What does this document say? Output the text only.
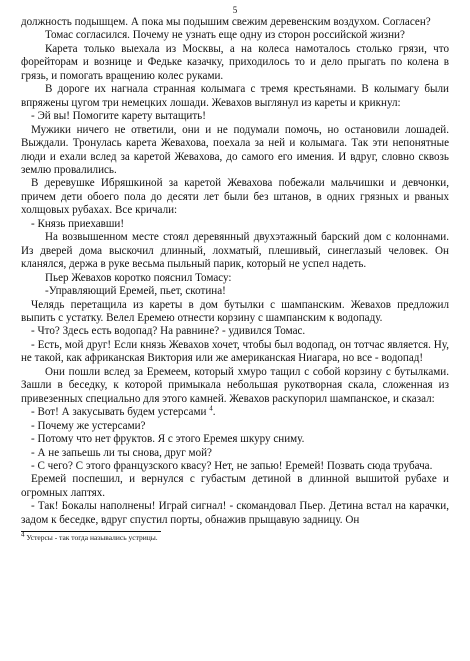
5

должность подышцем. А пока мы подышим свежим деревенским воздухом. Согласен?

Томас согласился. Почему не узнать еще одну из сторон российской жизни?

Карета только выехала из Москвы, а на колеса намоталось столько грязи, что форейторам и вознице и Федьке казачку, приходилось то и дело прыгать по колена в грязь, и помогать вращению колес руками.

В дороге их нагнала странная колымага с тремя крестьянами. В колымагу были впряжены цугом три немецких лошади. Жевахов выглянул из кареты и крикнул:

- Эй вы! Помогите карету вытащить!

Мужики ничего не ответили, они и не подумали помочь, но остановили лошадей. Выждали. Тронулась карета Жевахова, поехала за ней и колымага. Так эти непонятные люди и ехали вслед за каретой Жевахова, до самого его имения. И вдруг, словно сквозь землю провалились.

В деревушке Ибряшкиной за каретой Жевахова побежали мальчишки и девчонки, причем дети обоего пола до десяти лет были без штанов, в одних грязных и рваных холщовых рубахах. Все кричали:

- Князь приехавши!

На возвышенном месте стоял деревянный двухэтажный барский дом с колоннами. Из дверей дома выскочил длинный, лохматый, плешивый, синеглазый человек. Он кланялся, держа в руке весьма пыльный парик, который не успел надеть.

Пьер Жевахов коротко пояснил Томасу:

-Управляющий Еремей, пьет, скотина!

Челядь перетащила из кареты в дом бутылки с шампанским. Жевахов предложил выпить с устатку. Велел Еремею отнести корзину с шампанским к водопаду.

- Что? Здесь есть водопад? На равнине? - удивился Томас.

- Есть, мой друг! Если князь Жевахов хочет, чтобы был водопад, он тотчас является. Ну, не такой, как африканская Виктория или же американская Ниагара, но все - водопад!

Они пошли вслед за Еремеем, который хмуро тащил с собой корзину с бутылками. Зашли в беседку, к которой примыкала небольшая рукотворная скала, сложенная из привезенных специально для этого камней. Жевахов раскупорил шампанское, и сказал:

- Вот! А закусывать будем устерсами $^4$.

- Почему же устерсами?

- Потому что нет фруктов. Я с этого Еремея шкуру сниму.

- А не запьешь ли ты снова, друг мой?

- С чего? С этого французского квасу? Нет, не запью! Еремей! Позвать сюда трубача.

Еремей поспешил, и вернулся с губастым детиной в длинной вышитой рубахе и огромных лаптях.

- Так! Бокалы наполнены! Играй сигнал! - скомандовал Пьер. Детина встал на карачки, задом к беседке, вдруг спустил порты, обнажив прыщавую задницу. Он

$^4$ Устерсы - так тогда назывались устрицы.
